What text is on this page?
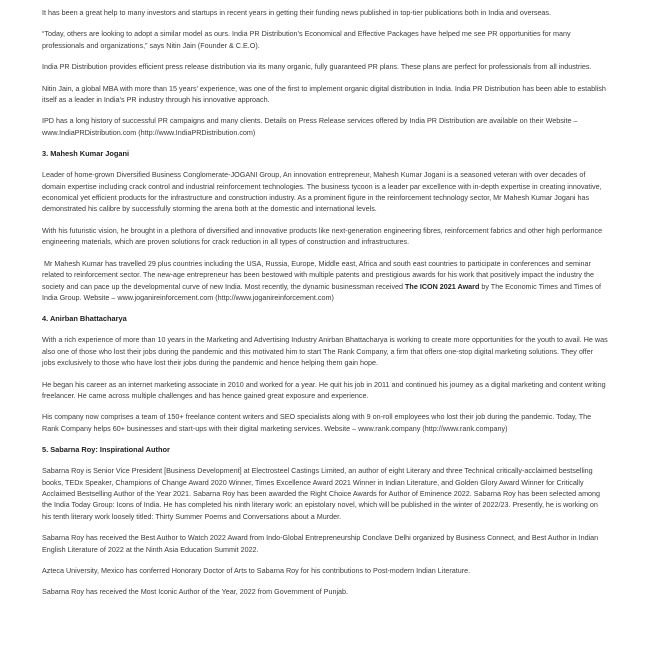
It has been a great help to many investors and startups in recent years in getting their funding news published in top-tier publications both in India and overseas.

“Today, others are looking to adopt a similar model as ours. India PR Distribution’s Economical and Effective Packages have helped me see PR opportunities for many professionals and organizations,” says Nitin Jain (Founder & C.E.O).

India PR Distribution provides efficient press release distribution via its many organic, fully guaranteed PR plans. These plans are perfect for professionals from all industries.

Nitin Jain, a global MBA with more than 15 years’ experience, was one of the first to implement organic digital distribution in India. India PR Distribution has been able to establish itself as a leader in India’s PR industry through his innovative approach.

IPD has a long history of successful PR campaigns and many clients. Details on Press Release services offered by India PR Distribution are available on their Website – www.IndiaPRDistribution.com (http://www.IndiaPRDistribution.com)

3. Mahesh Kumar Jogani

Leader of home-grown Diversified Business Conglomerate-JOGANI Group, An innovation entrepreneur, Mahesh Kumar Jogani is a seasoned veteran with over decades of domain expertise including crack control and industrial reinforcement technologies. The business tycoon is a leader par excellence with in-depth expertise in creating innovative, economical yet efficient products for the infrastructure and construction industry. As a prominent figure in the reinforcement technology sector, Mr Mahesh Kumar Jogani has demonstrated his calibre by successfully storming the arena both at the domestic and international levels.

With his futuristic vision, he brought in a plethora of diversified and innovative products like next-generation engineering fibres, reinforcement fabrics and other high performance engineering materials, which are proven solutions for crack reduction in all types of construction and infrastructures.

Mr Mahesh Kumar has travelled 29 plus countries including the USA, Russia, Europe, Middle east, Africa and south east countries to participate in conferences and seminar related to reinforcement sector. The new-age entrepreneur has been bestowed with multiple patents and prestigious awards for his work that positively impact the industry the society and can pace up the developmental curve of new India. Most recently, the dynamic businessman received The ICON 2021 Award by The Economic Times and Times of India Group. Website – www.joganireinforcement.com (http://www.joganireinforcement.com)

4. Anirban Bhattacharya

With a rich experience of more than 10 years in the Marketing and Advertising Industry Anirban Bhattacharya is working to create more opportunities for the youth to avail. He was also one of those who lost their jobs during the pandemic and this motivated him to start The Rank Company, a firm that offers one-stop digital marketing solutions. They offer jobs exclusively to those who have lost their jobs during the pandemic and hence helping them gain hope.

He began his career as an internet marketing associate in 2010 and worked for a year. He quit his job in 2011 and continued his journey as a digital marketing and content writing freelancer. He came across multiple challenges and has hence gained great exposure and experience.

His company now comprises a team of 150+ freelance content writers and SEO specialists along with 9 on-roll employees who lost their job during the pandemic. Today, The Rank Company helps 60+ businesses and start-ups with their digital marketing services. Website – www.rank.company (http://www.rank.company)

5. Sabarna Roy: Inspirational Author

Sabarna Roy is Senior Vice President [Business Development] at Electrosteel Castings Limited, an author of eight Literary and three Technical critically-acclaimed bestselling books, TEDx Speaker, Champions of Change Award 2020 Winner, Times Excellence Award 2021 Winner in Indian Literature, and Golden Glory Award Winner for Critically Acclaimed Bestselling Author of the Year 2021. Sabarna Roy has been awarded the Right Choice Awards for Author of Eminence 2022. Sabarna Roy has been selected among the India Today Group: Icons of India. He has completed his ninth literary work: an epistolary novel, which will be published in the winter of 2022/23. Presently, he is working on his tenth literary work loosely titled: Thirty Summer Poems and Conversations about a Murder.

Sabarna Roy has received the Best Author to Watch 2022 Award from Indo-Global Entrepreneurship Conclave Delhi organized by Business Connect, and Best Author in Indian English Literature of 2022 at the Ninth Asia Education Summit 2022.

Azteca University, Mexico has conferred Honorary Doctor of Arts to Sabarna Roy for his contributions to Post-modern Indian Literature.

Sabarna Roy has received the Most Iconic Author of the Year, 2022 from Government of Punjab.
